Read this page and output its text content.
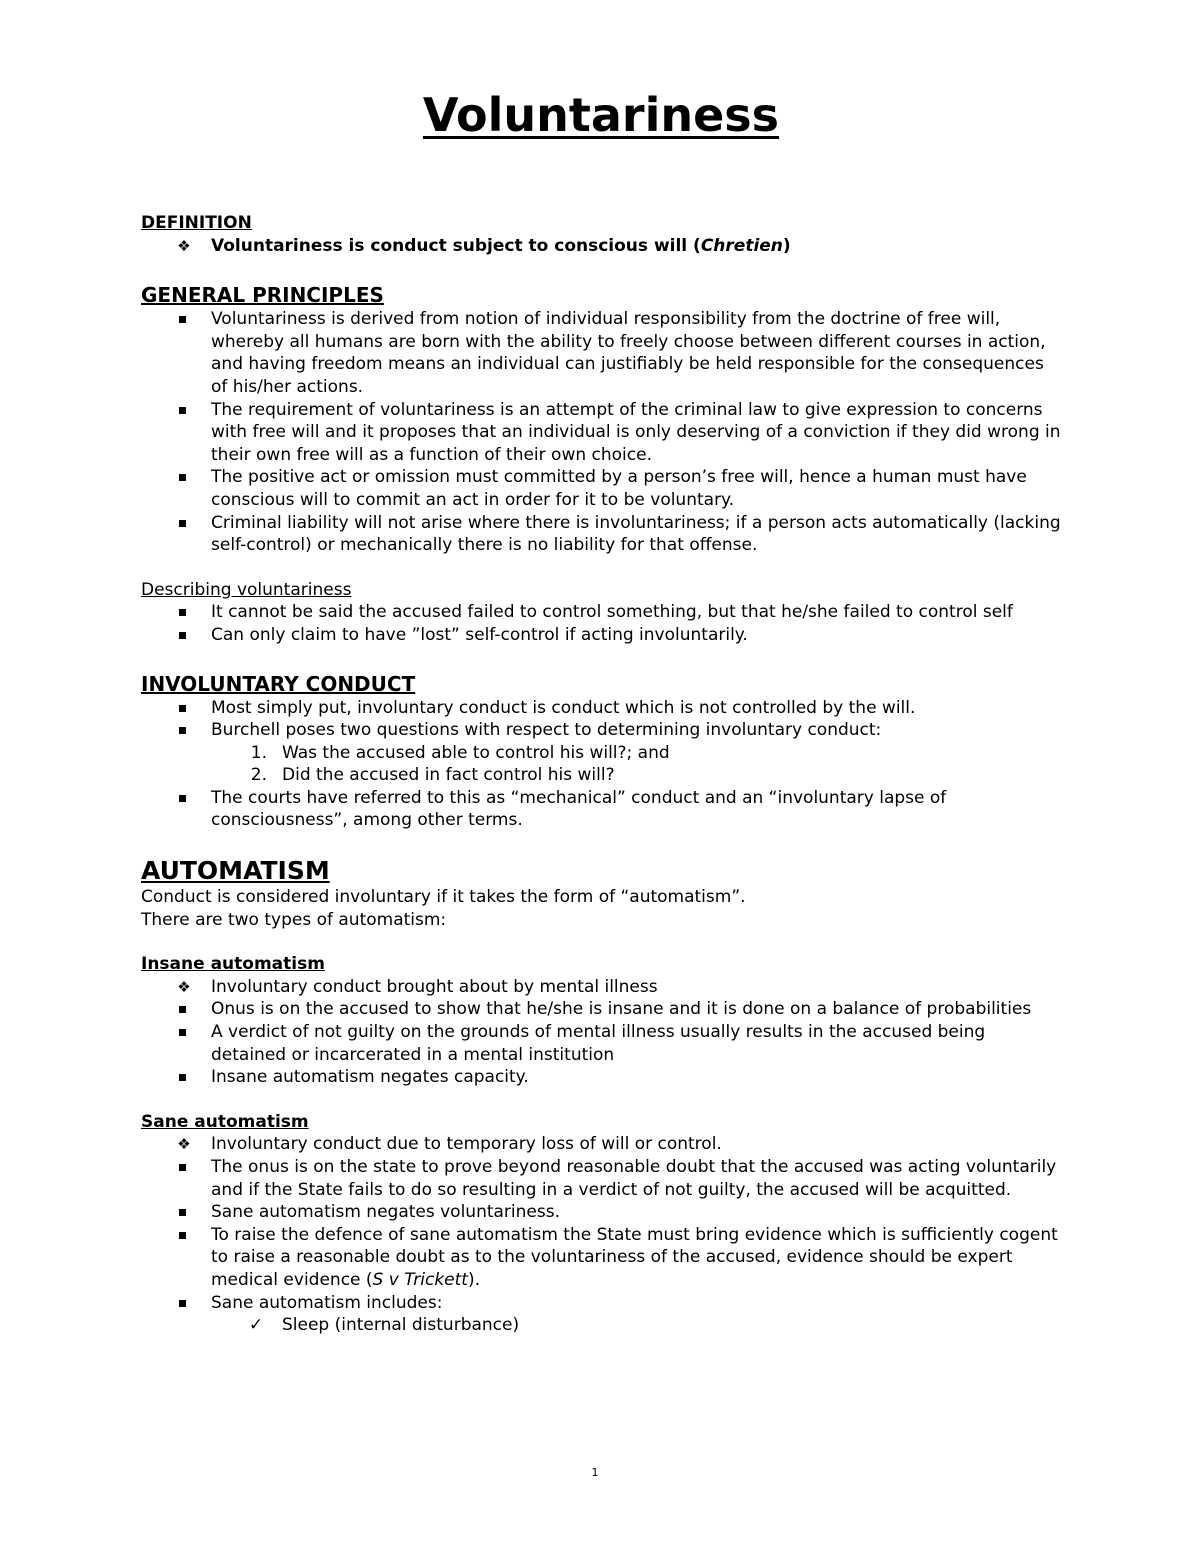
Voluntariness
DEFINITION
❖ Voluntariness is conduct subject to conscious will (Chretien)
GENERAL PRINCIPLES
Voluntariness is derived from notion of individual responsibility from the doctrine of free will, whereby all humans are born with the ability to freely choose between different courses in action, and having freedom means an individual can justifiably be held responsible for the consequences of his/her actions.
The requirement of voluntariness is an attempt of the criminal law to give expression to concerns with free will and it proposes that an individual is only deserving of a conviction if they did wrong in their own free will as a function of their own choice.
The positive act or omission must committed by a person’s free will, hence a human must have conscious will to commit an act in order for it to be voluntary.
Criminal liability will not arise where there is involuntariness; if a person acts automatically (lacking self-control) or mechanically there is no liability for that offense.
Describing voluntariness
It cannot be said the accused failed to control something, but that he/she failed to control self
Can only claim to have ”lost” self-control if acting involuntarily.
INVOLUNTARY CONDUCT
Most simply put, involuntary conduct is conduct which is not controlled by the will.
Burchell poses two questions with respect to determining involuntary conduct:
1. Was the accused able to control his will?; and
2. Did the accused in fact control his will?
The courts have referred to this as “mechanical” conduct and an “involuntary lapse of consciousness”, among other terms.
AUTOMATISM

Conduct is considered involuntary if it takes the form of “automatism”.

There are two types of automatism:

Insane automatism
❖ Involuntary conduct brought about by mental illness
Onus is on the accused to show that he/she is insane and it is done on a balance of probabilities
A verdict of not guilty on the grounds of mental illness usually results in the accused being detained or incarcerated in a mental institution
Insane automatism negates capacity.
Sane automatism
❖ Involuntary conduct due to temporary loss of will or control.
The onus is on the state to prove beyond reasonable doubt that the accused was acting voluntarily and if the State fails to do so resulting in a verdict of not guilty, the accused will be acquitted.
Sane automatism negates voluntariness.
To raise the defence of sane automatism the State must bring evidence which is sufficiently cogent to raise a reasonable doubt as to the voluntariness of the accused, evidence should be expert medical evidence (S v Trickett).
Sane automatism includes:
✓ Sleep (internal disturbance)
1
